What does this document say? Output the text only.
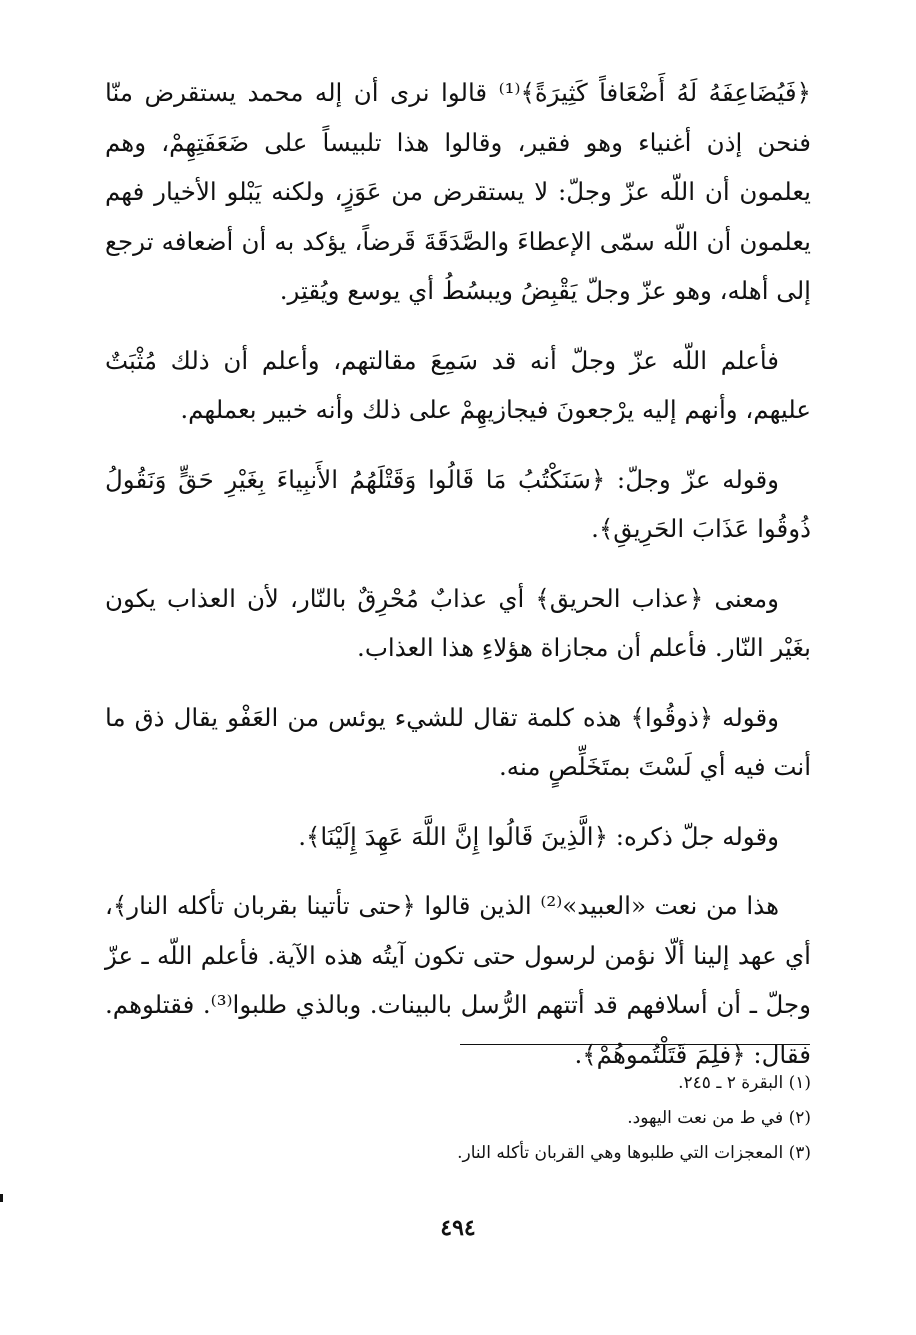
﴿فَيُضَاعِفَهُ لَهُ أَضْعَافاً كَثِيرَةً﴾⁽¹⁾ قالوا نرى أن إله محمد يستقرض منّا فنحن إذن أغنياء وهو فقير، وقالوا هذا تلبيساً على ضَعَفَتِهِمْ، وهم يعلمون أن اللّه عزّ وجلّ: لا يستقرض من عَوَزٍ، ولكنه يَبْلو الأخيار فهم يعلمون أن اللّه سمّى الإعطاءَ والصَّدَقَةَ قَرضاً، يؤكد به أن أضعافه ترجع إلى أهله، وهو عزّ وجلّ يَقْبِضُ ويبسُطُ أي يوسع ويُقتِر.

فأعلم اللّه عزّ وجلّ أنه قد سَمِعَ مقالتهم، وأعلم أن ذلك مُثْبَتٌ عليهم، وأنهم إليه يرْجعونَ فيجازيهِمْ على ذلك وأنه خبير بعملهم.

وقوله عزّ وجلّ: ﴿سَنَكْتُبُ مَا قَالُوا وَقَتْلَهُمُ الأَنبِياءَ بِغَيْرِ حَقٍّ وَنَقُولُ ذُوقُوا عَذَابَ الحَرِيقِ﴾.

ومعنى ﴿عذاب الحريق﴾ أي عذابٌ مُحْرِقٌ بالنّار، لأن العذاب يكون بغَيْر النّار. فأعلم أن مجازاة هؤلاءِ هذا العذاب.

وقوله ﴿ذوقُوا﴾ هذه كلمة تقال للشيء يوئس من العَفْو يقال ذق ما أنت فيه أي لَسْتَ بمتَخَلِّصٍ منه.

وقوله جلّ ذكره: ﴿الَّذِينَ قَالُوا إِنَّ اللَّهَ عَهِدَ إِلَيْنَا﴾.

هذا من نعت «العبيد»⁽²⁾ الذين قالوا ﴿حتى تأتينا بقربان تأكله النار﴾، أي عهد إلينا ألّا نؤمن لرسول حتى تكون آيتُه هذه الآية. فأعلم اللّه ـ عزّ وجلّ ـ أن أسلافهم قد أتتهم الرُّسل بالبينات. وبالذي طلبوا⁽³⁾. فقتلوهم. فقال: ﴿فلِمَ قَتَلْتُموهُمْ﴾.

(١) البقرة ٢ ـ ٢٤٥.

(٢) في ط من نعت اليهود.

(٣) المعجزات التي طلبوها وهي القربان تأكله النار.

٤٩٤
